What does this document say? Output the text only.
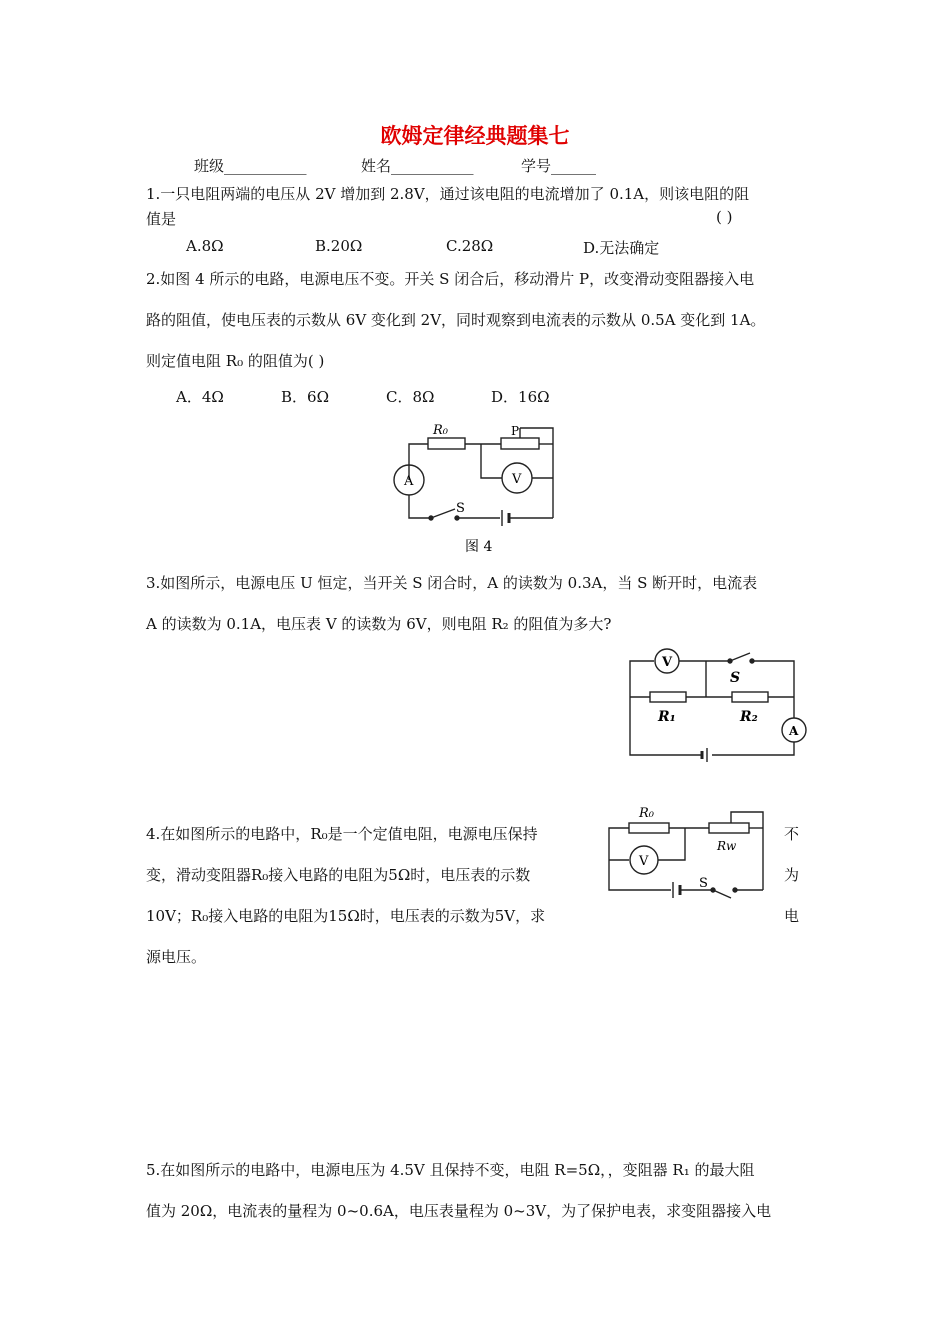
欧姆定律经典题集七
班级___________	姓名___________	学号______
1.一只电阻两端的电压从 2V 增加到 2.8V，通过该电阻的电流增加了 0.1A，则该电阻的阻
值是	( )
A.8Ω	B.20Ω	C.28Ω	D.无法确定
2.如图 4 所示的电路，电源电压不变。开关 S 闭合后，移动滑片 P，改变滑动变阻器接入电
路的阻值，使电压表的示数从 6V 变化到 2V，同时观察到电流表的示数从 0.5A 变化到 1A。
则定值电阻 R₀ 的阻值为( )
A．4Ω	B．6Ω	C．8Ω	D．16Ω
R₀	P
A	V
S
图 4
3.如图所示，电源电压 U 恒定，当开关 S 闭合时，A 的读数为 0.3A，当 S 断开时，电流表
A 的读数为 0.1A，电压表 V 的读数为 6V，则电阻 R₂ 的阻值为多大?
V
S
R₁	R₂
A
4.在如图所示的电路中，R₀是一个定值电阻，电源电压保持
变，滑动变阻器R₀接入电路的电阻为5Ω时，电压表的示数
10V；R₀接入电路的电阻为15Ω时，电压表的示数为5V，求
源电压。
不
为
电
R₀
Rw
V
S
5.在如图所示的电路中，电源电压为 4.5V 且保持不变，电阻 R=5Ω，，变阻器 R₁ 的最大阻
值为 20Ω，电流表的量程为 0~0.6A，电压表量程为 0~3V，为了保护电表，求变阻器接入电
